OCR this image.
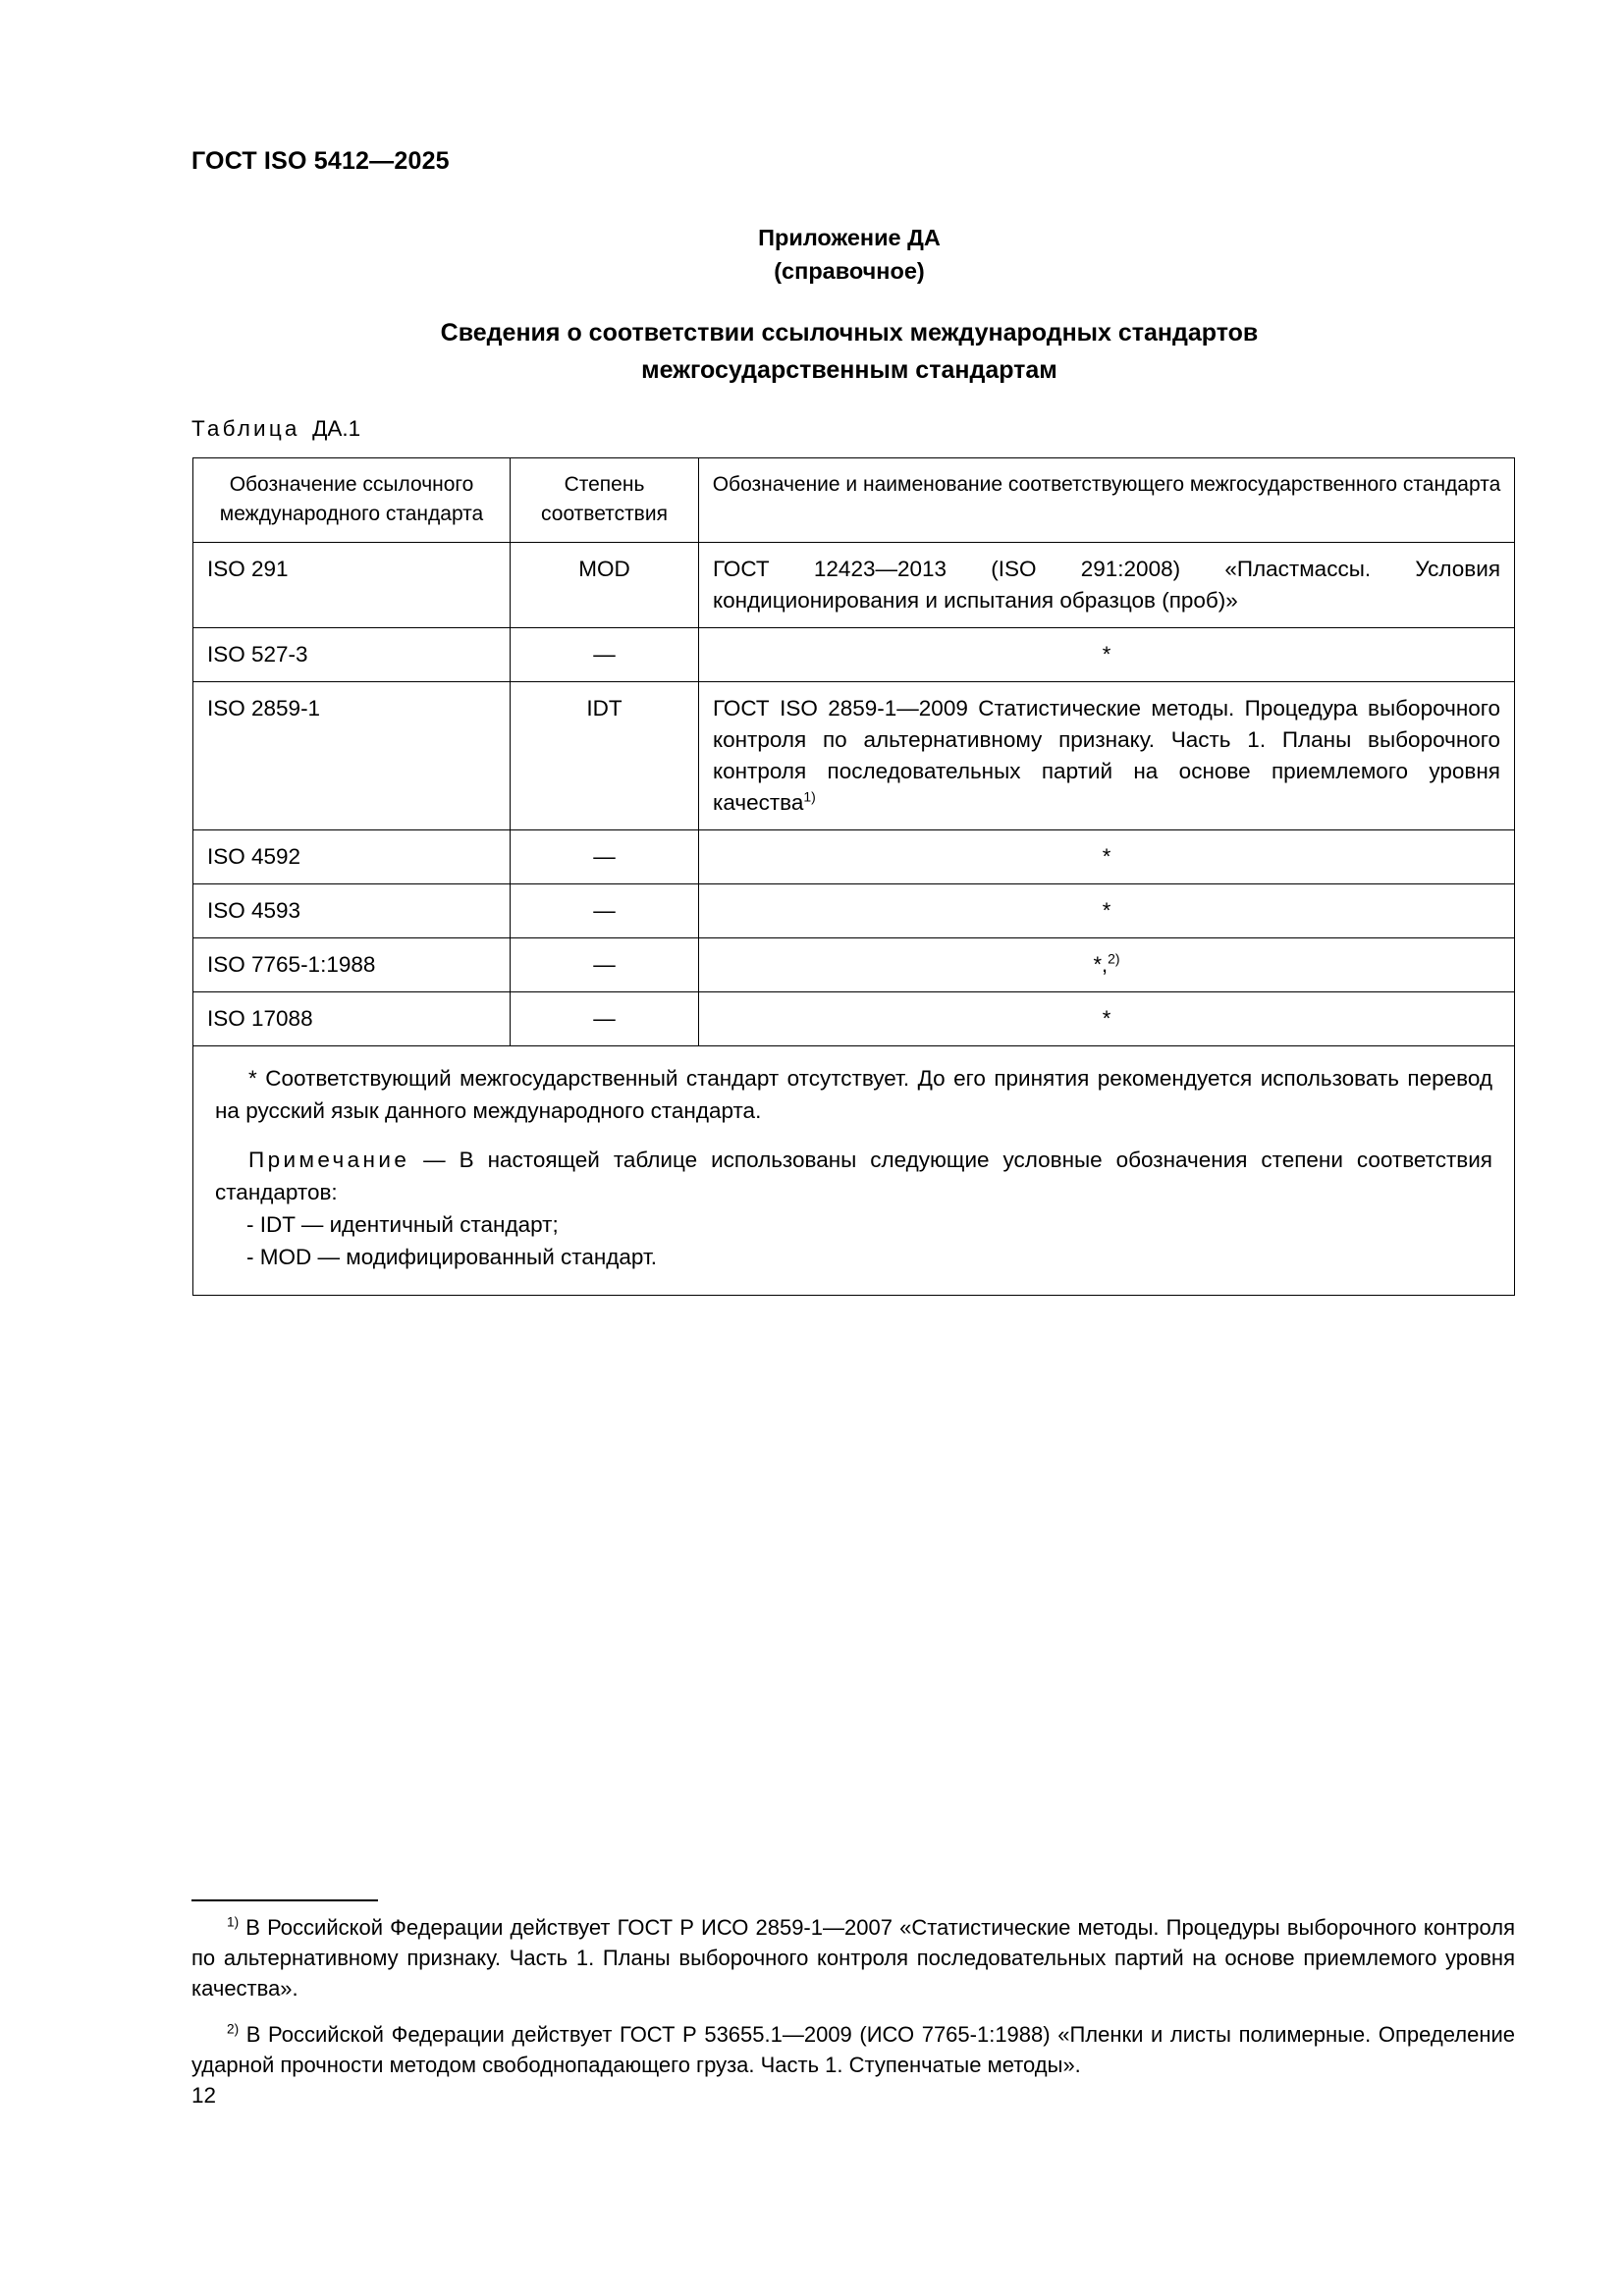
ГОСТ ISO 5412—2025
Приложение ДА
(справочное)
Сведения о соответствии ссылочных международных стандартов
межгосударственным стандартам
Таблица ДА.1
Обозначение ссылочного международного стандарта	Степень соответствия	Обозначение и наименование соответствующего межгосударственного стандарта
ISO 291	MOD	ГОСТ 12423—2013 (ISO 291:2008) «Пластмассы. Условия кондиционирования и испытания образцов (проб)»
ISO 527-3	—	*
ISO 2859-1	IDT	ГОСТ ISO 2859-1—2009 Статистические методы. Процедура выборочного контроля по альтернативному признаку. Часть 1. Планы выборочного контроля последовательных партий на основе приемлемого уровня качества$^{1)}$
ISO 4592	—	*
ISO 4593	—	*
ISO 7765-1:1988	—	*,$^{2)}$
ISO 17088	—	*

* Соответствующий межгосударственный стандарт отсутствует. До его принятия рекомендуется использовать перевод на русский язык данного международного стандарта.

Примечание — В настоящей таблице использованы следующие условные обозначения степени соответствия стандартов:

- IDT — идентичный стандарт;
- MOD — модифицированный стандарт.

$^{1)}$ В Российской Федерации действует ГОСТ Р ИСО 2859-1—2007 «Статистические методы. Процедуры выборочного контроля по альтернативному признаку. Часть 1. Планы выборочного контроля последовательных партий на основе приемлемого уровня качества».

$^{2)}$ В Российской Федерации действует ГОСТ Р 53655.1—2009 (ИСО 7765-1:1988) «Пленки и листы полимерные. Определение ударной прочности методом свободнопадающего груза. Часть 1. Ступенчатые методы».

12
